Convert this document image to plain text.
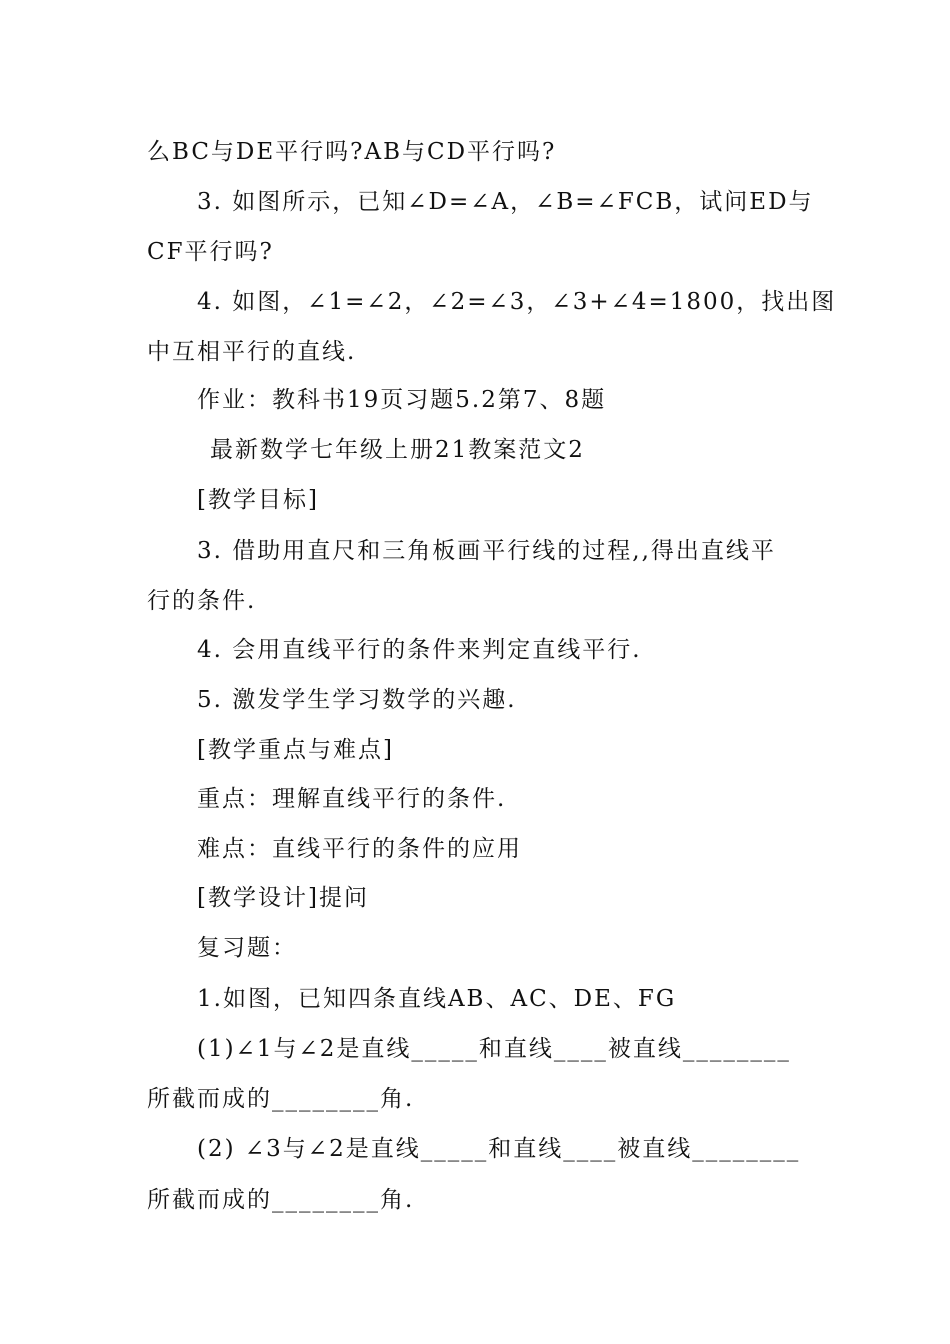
么BC与DE平行吗?AB与CD平行吗?
3. 如图所示，已知∠D=∠A，∠B=∠FCB，试问ED与
CF平行吗?
4. 如图，∠1=∠2，∠2=∠3，∠3+∠4=1800，找出图
中互相平行的直线.
作业：教科书19页习题5.2第7、8题
最新数学七年级上册21教案范文2
[教学目标]
3. 借助用直尺和三角板画平行线的过程,,得出直线平
行的条件.
4. 会用直线平行的条件来判定直线平行.
5. 激发学生学习数学的兴趣.
[教学重点与难点]
重点：理解直线平行的条件.
难点：直线平行的条件的应用
[教学设计]提问
复习题：
1.如图，已知四条直线AB、AC、DE、FG
(1)∠1与∠2是直线_____和直线____被直线________
所截而成的________角.
(2) ∠3与∠2是直线_____和直线____被直线________
所截而成的________角.
